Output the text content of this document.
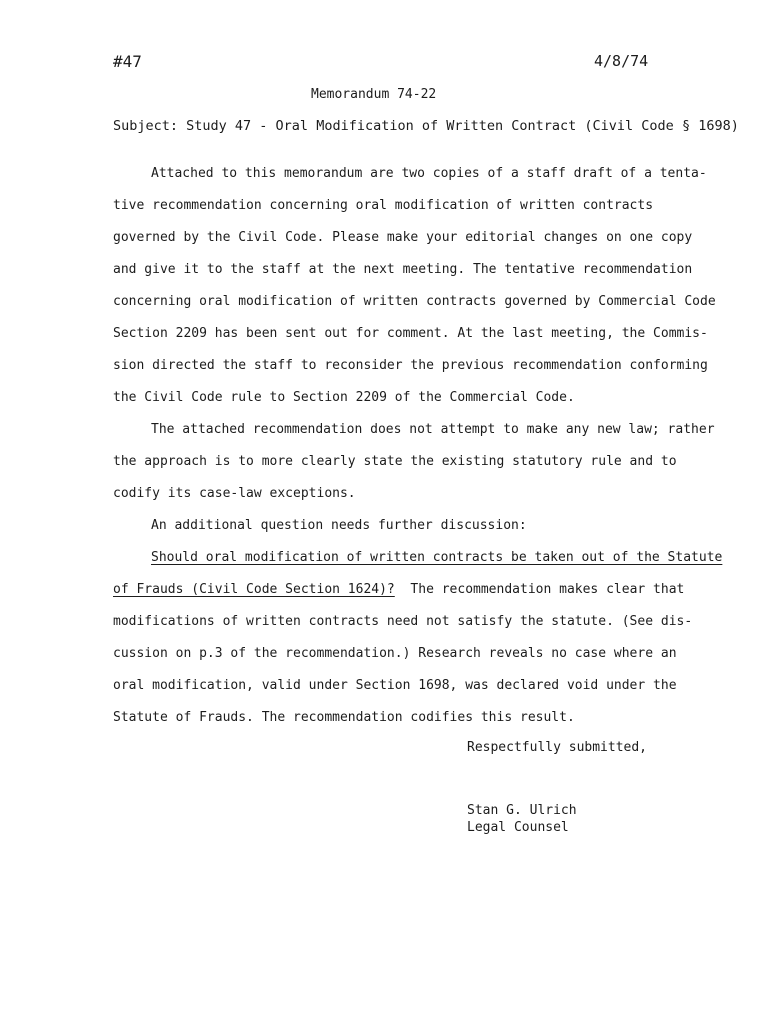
#47	4/8/74
Memorandum 74-22
Subject: Study 47 - Oral Modification of Written Contract (Civil Code § 1698)
Attached to this memorandum are two copies of a staff draft of a tenta-
tive recommendation concerning oral modification of written contracts
governed by the Civil Code. Please make your editorial changes on one copy
and give it to the staff at the next meeting. The tentative recommendation
concerning oral modification of written contracts governed by Commercial Code
Section 2209 has been sent out for comment. At the last meeting, the Commis-
sion directed the staff to reconsider the previous recommendation conforming
the Civil Code rule to Section 2209 of the Commercial Code.
The attached recommendation does not attempt to make any new law; rather
the approach is to more clearly state the existing statutory rule and to
codify its case-law exceptions.
An additional question needs further discussion:
Should oral modification of written contracts be taken out of the Statute
of Frauds (Civil Code Section 1624)?  The recommendation makes clear that
modifications of written contracts need not satisfy the statute. (See dis-
cussion on p.3 of the recommendation.) Research reveals no case where an
oral modification, valid under Section 1698, was declared void under the
Statute of Frauds. The recommendation codifies this result.
Respectfully submitted,
Stan G. Ulrich
Legal Counsel
